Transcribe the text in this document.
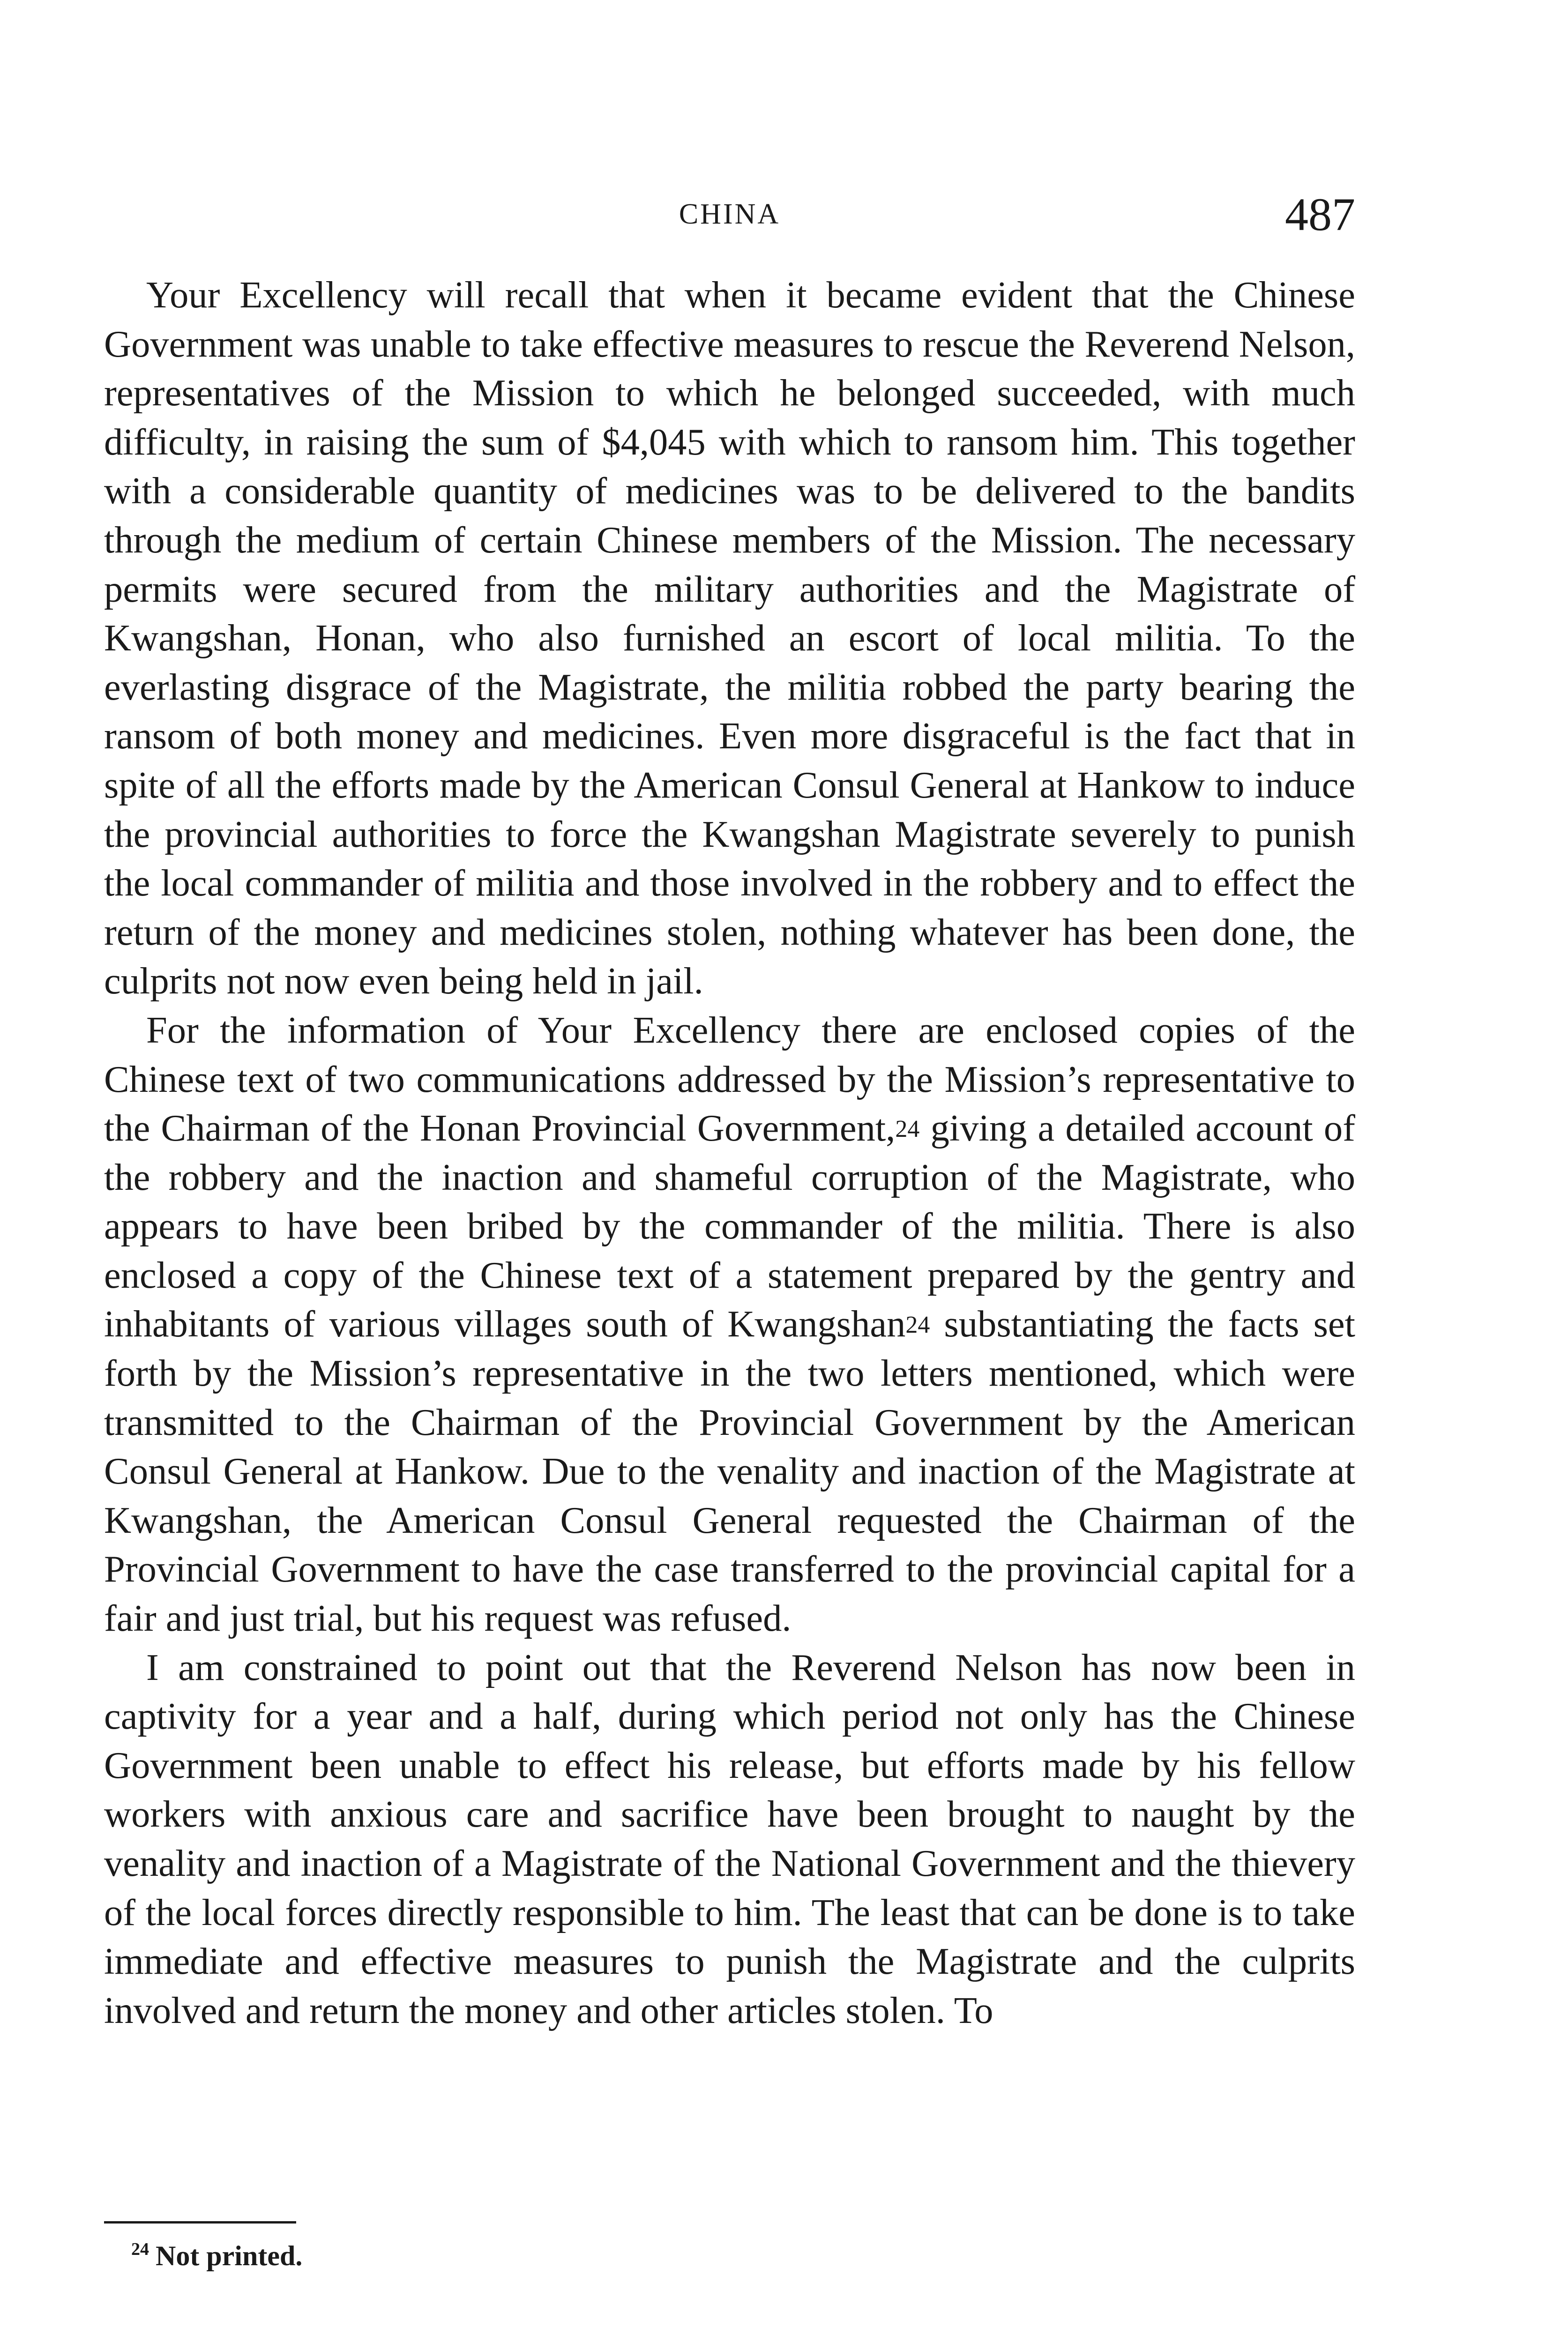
CHINA	487

Your Excellency will recall that when it became evident that the Chinese Government was unable to take effective measures to rescue the Reverend Nelson, representatives of the Mission to which he belonged succeeded, with much difficulty, in raising the sum of $4,045 with which to ransom him. This together with a considerable quantity of medicines was to be delivered to the bandits through the medium of certain Chinese members of the Mission. The necessary permits were secured from the military authorities and the Magistrate of Kwangshan, Honan, who also furnished an escort of local militia. To the everlasting disgrace of the Magistrate, the militia robbed the party bearing the ransom of both money and medicines. Even more disgraceful is the fact that in spite of all the efforts made by the American Consul General at Hankow to induce the provincial authorities to force the Kwangshan Magistrate severely to punish the local commander of militia and those involved in the robbery and to effect the return of the money and medicines stolen, nothing whatever has been done, the culprits not now even being held in jail.

For the information of Your Excellency there are enclosed copies of the Chinese text of two communications addressed by the Mission’s representative to the Chairman of the Honan Provincial Government,$^{24}$ giving a detailed account of the robbery and the inaction and shameful corruption of the Magistrate, who appears to have been bribed by the commander of the militia. There is also enclosed a copy of the Chinese text of a statement prepared by the gentry and inhabitants of various villages south of Kwangshan$^{24}$ substantiating the facts set forth by the Mission’s representative in the two letters mentioned, which were transmitted to the Chairman of the Provincial Government by the American Consul General at Hankow. Due to the venality and inaction of the Magistrate at Kwangshan, the American Consul General requested the Chairman of the Provincial Government to have the case transferred to the provincial capital for a fair and just trial, but his request was refused.

I am constrained to point out that the Reverend Nelson has now been in captivity for a year and a half, during which period not only has the Chinese Government been unable to effect his release, but efforts made by his fellow workers with anxious care and sacrifice have been brought to naught by the venality and inaction of a Magistrate of the National Government and the thievery of the local forces directly responsible to him. The least that can be done is to take immediate and effective measures to punish the Magistrate and the culprits involved and return the money and other articles stolen. To

$^{24}$ Not printed.
